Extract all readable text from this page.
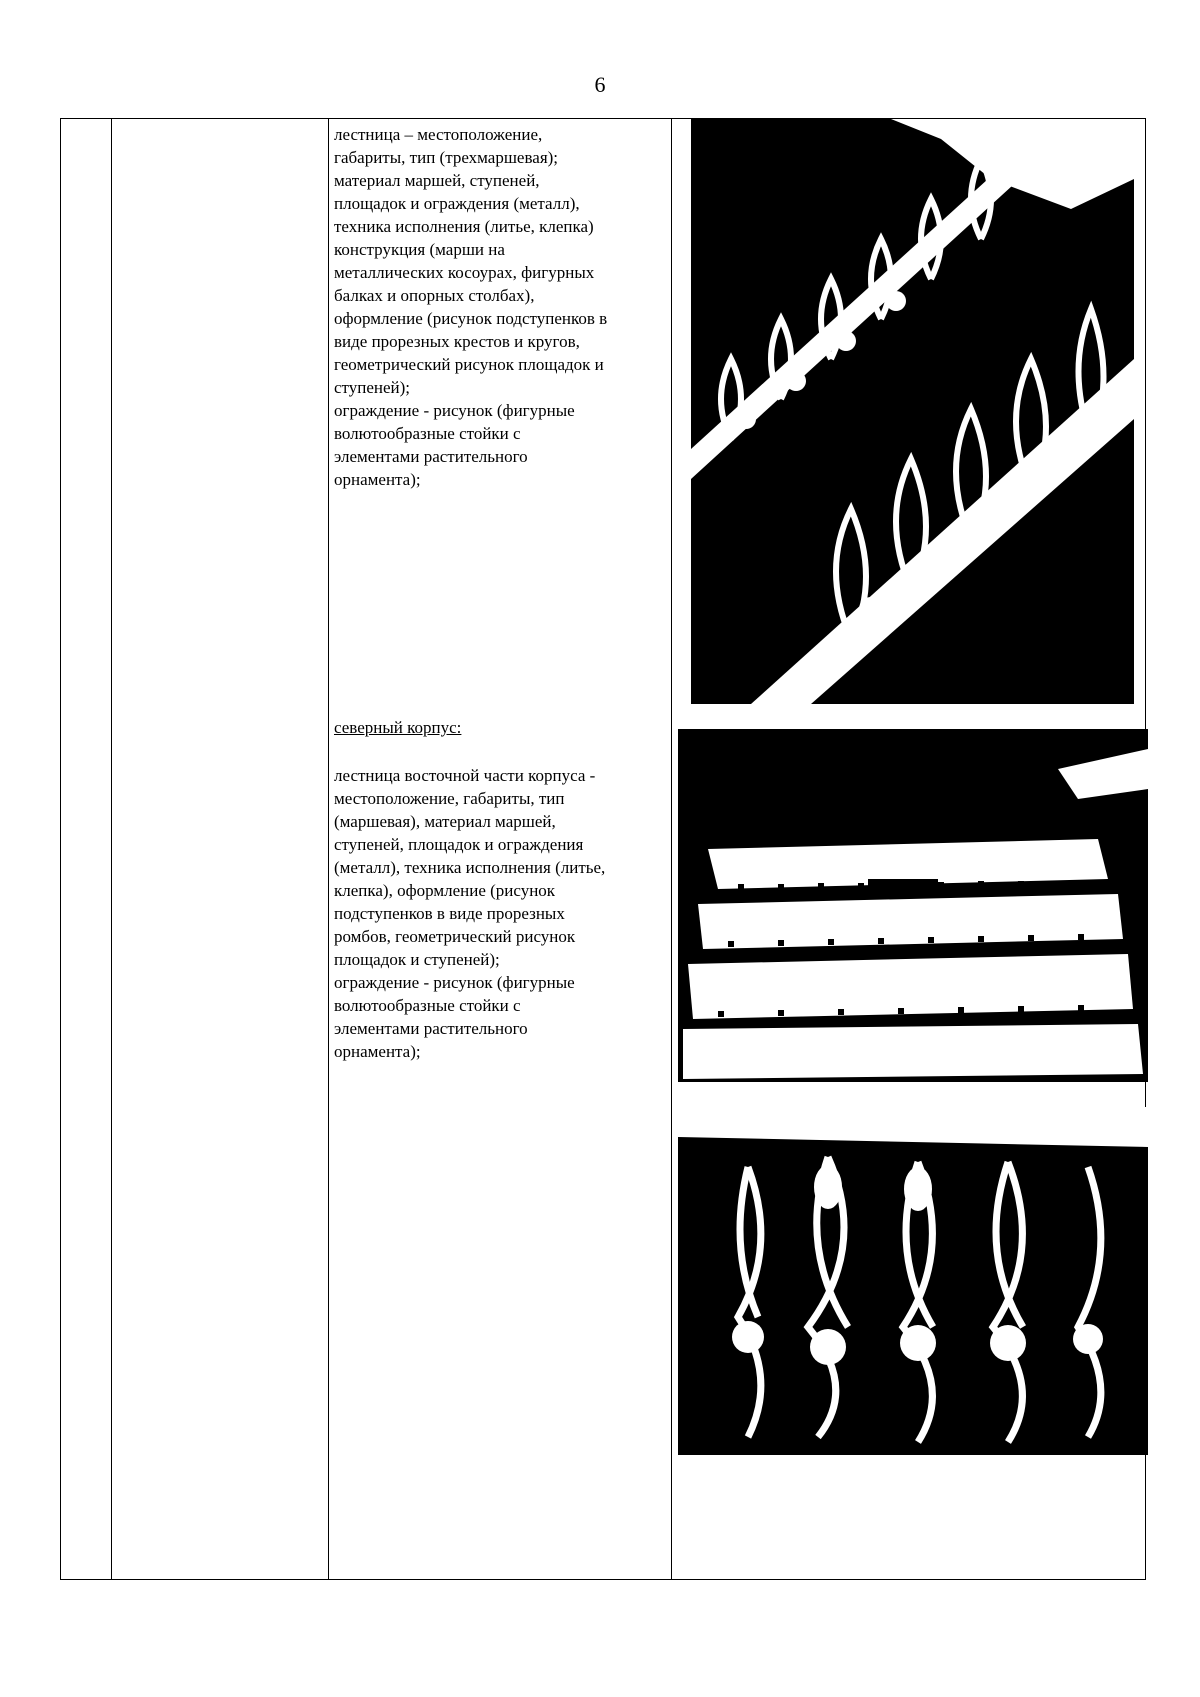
6

лестница – местоположение,

габариты, тип (трехмаршевая);

материал маршей, ступеней,

площадок и ограждения (металл),

техника исполнения (литье, клепка)

конструкция (марши на

металлических косоурах, фигурных

балках и опорных столбах),

оформление (рисунок подступенков в

виде прорезных крестов и кругов,

геометрический рисунок площадок и

ступеней);

ограждение - рисунок (фигурные

волютообразные стойки с

элементами растительного

орнамента);

северный корпус:

лестница восточной части корпуса -

местоположение, габариты, тип

(маршевая), материал маршей,

ступеней, площадок и ограждения

(металл), техника исполнения (литье,

клепка), оформление (рисунок

подступенков в виде прорезных

ромбов, геометрический рисунок

площадок и ступеней);

ограждение - рисунок (фигурные

волютообразные стойки с

элементами растительного

орнамента);
